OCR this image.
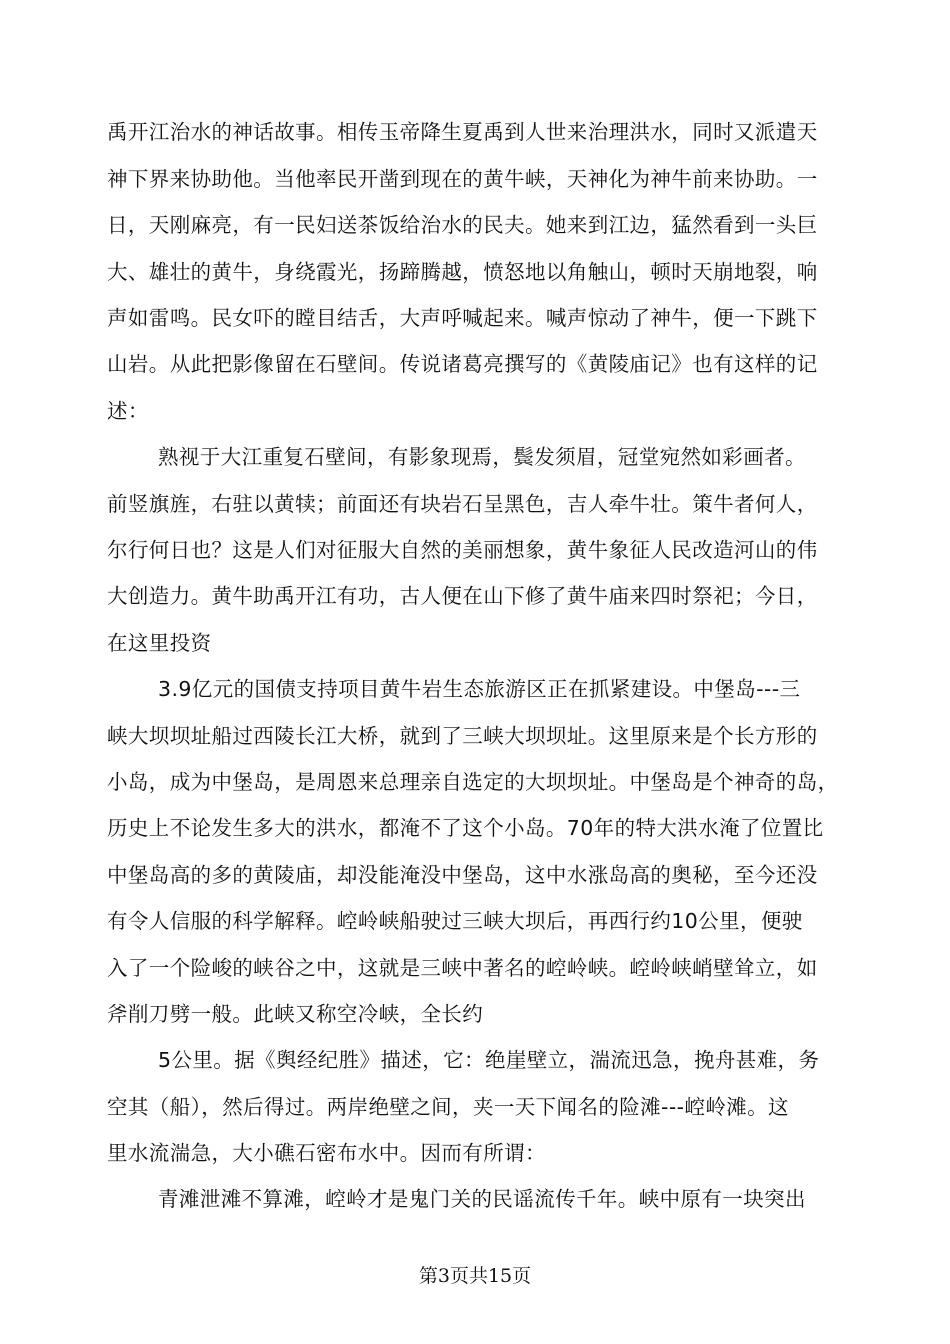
禹开江治水的神话故事。相传玉帝降生夏禹到人世来治理洪水，同时又派遣天
神下界来协助他。当他率民开凿到现在的黄牛峡，天神化为神牛前来协助。一
日，天刚麻亮，有一民妇送茶饭给治水的民夫。她来到江边，猛然看到一头巨
大、雄壮的黄牛，身绕霞光，扬蹄腾越，愤怒地以角触山，顿时天崩地裂，响
声如雷鸣。民女吓的瞠目结舌，大声呼喊起来。喊声惊动了神牛，便一下跳下
山岩。从此把影像留在石壁间。传说诸葛亮撰写的《黄陵庙记》也有这样的记
述：
熟视于大江重复石壁间，有影象现焉，鬓发须眉，冠堂宛然如彩画者。
前竖旗旌，右驻以黄犊；前面还有块岩石呈黑色，吉人牵牛壮。策牛者何人，
尔行何日也？这是人们对征服大自然的美丽想象，黄牛象征人民改造河山的伟
大创造力。黄牛助禹开江有功，古人便在山下修了黄牛庙来四时祭祀；今日，
在这里投资
3.9亿元的国债支持项目黄牛岩生态旅游区正在抓紧建设。中堡岛---三
峡大坝坝址船过西陵长江大桥，就到了三峡大坝坝址。这里原来是个长方形的
小岛，成为中堡岛，是周恩来总理亲自选定的大坝坝址。中堡岛是个神奇的岛，
历史上不论发生多大的洪水，都淹不了这个小岛。70年的特大洪水淹了位置比
中堡岛高的多的黄陵庙，却没能淹没中堡岛，这中水涨岛高的奥秘，至今还没
有令人信服的科学解释。崆岭峡船驶过三峡大坝后，再西行约10公里，便驶
入了一个险峻的峡谷之中，这就是三峡中著名的崆岭峡。崆岭峡峭壁耸立，如
斧削刀劈一般。此峡又称空冷峡，全长约
5公里。据《舆经纪胜》描述，它：绝崖壁立，湍流迅急，挽舟甚难，务
空其（船），然后得过。两岸绝壁之间，夹一天下闻名的险滩---崆岭滩。这
里水流湍急，大小礁石密布水中。因而有所谓：
青滩泄滩不算滩，崆岭才是鬼门关的民谣流传千年。峡中原有一块突出
第3页共15页
